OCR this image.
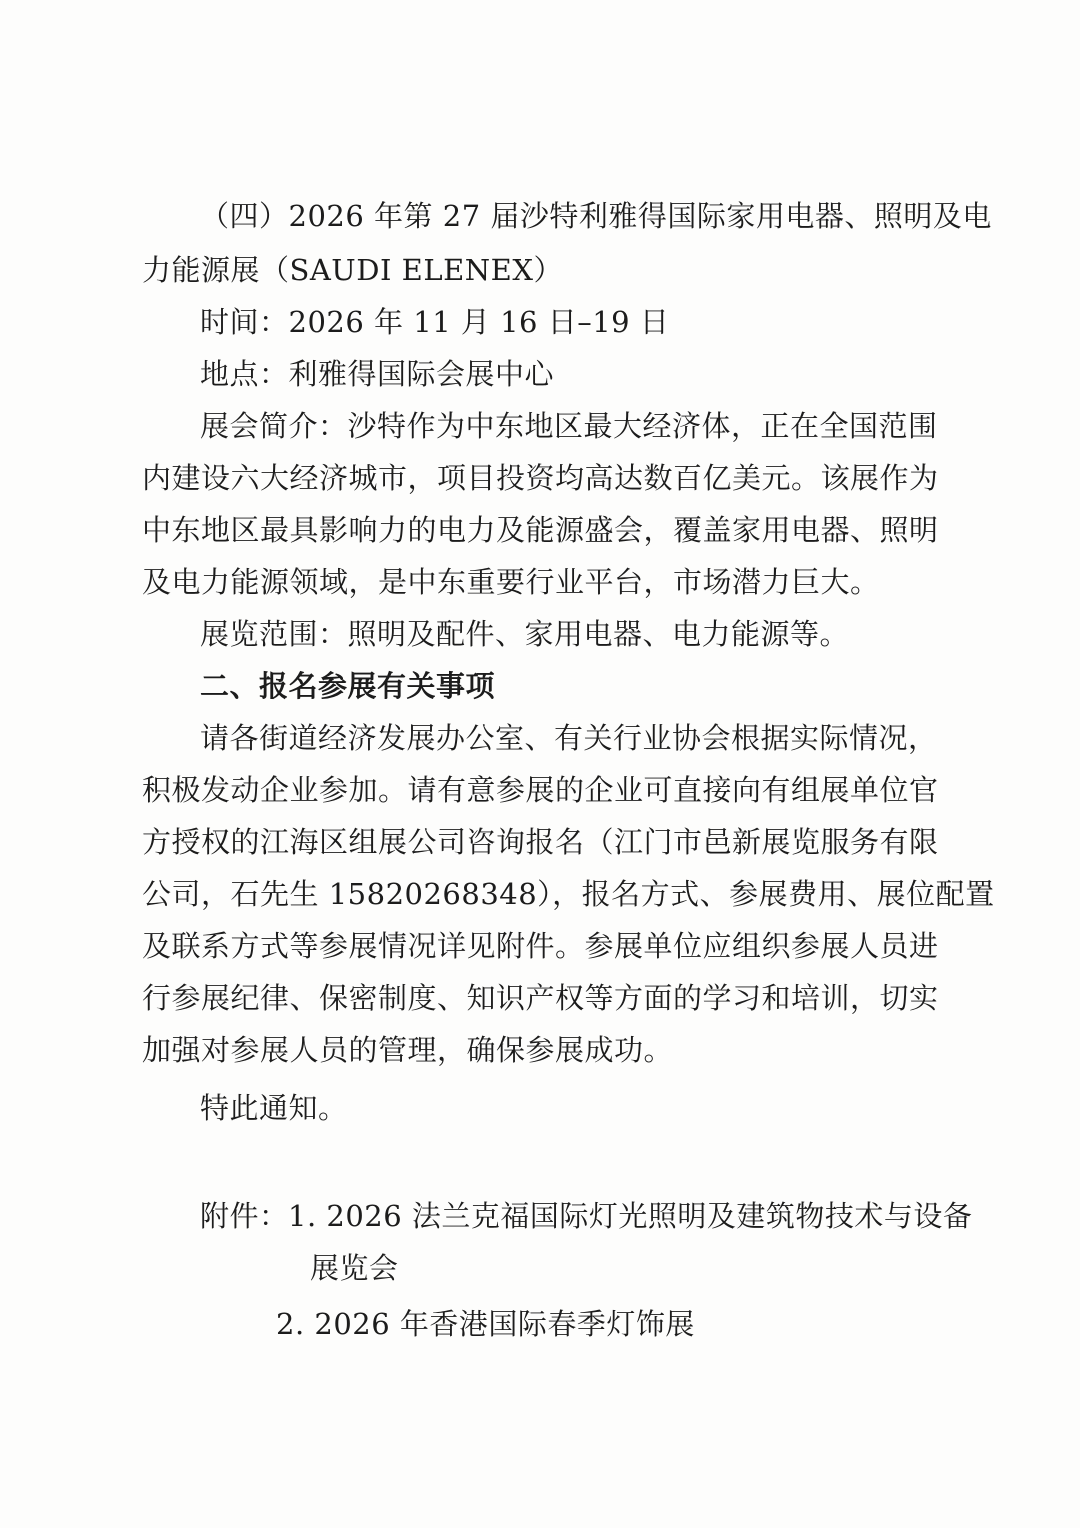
（四）2026 年第 27 届沙特利雅得国际家用电器、照明及电
力能源展（SAUDI ELENEX）
时间：2026 年 11 月 16 日–19 日
地点：利雅得国际会展中心
展会简介：沙特作为中东地区最大经济体，正在全国范围
内建设六大经济城市，项目投资均高达数百亿美元。该展作为
中东地区最具影响力的电力及能源盛会，覆盖家用电器、照明
及电力能源领域，是中东重要行业平台，市场潜力巨大。
展览范围：照明及配件、家用电器、电力能源等。
二、报名参展有关事项
请各街道经济发展办公室、有关行业协会根据实际情况，
积极发动企业参加。请有意参展的企业可直接向有组展单位官
方授权的江海区组展公司咨询报名（江门市邑新展览服务有限
公司，石先生 15820268348），报名方式、参展费用、展位配置
及联系方式等参展情况详见附件。参展单位应组织参展人员进
行参展纪律、保密制度、知识产权等方面的学习和培训，切实
加强对参展人员的管理，确保参展成功。
特此通知。
附件： 1. 2026 法兰克福国际灯光照明及建筑物技术与设备
展览会
2. 2026 年香港国际春季灯饰展
